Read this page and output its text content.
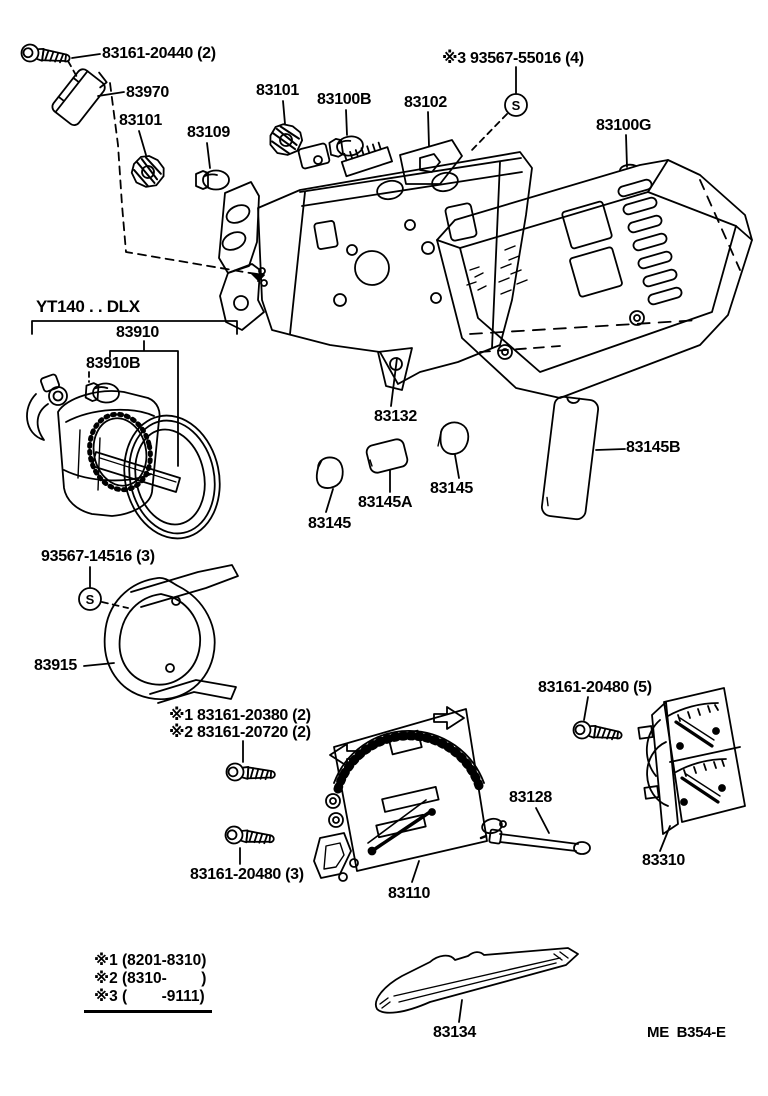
S
S
83161-20440 (2)
83970
83101
83109
83101
83100B 83102
※3 93567-55016 (4)
83100G
YT140 . . DLX
83910
83910B
83132
83145
83145A
83145
83145B
93567-14516 (3)
83915
※1 83161-20380 (2)
※2 83161-20720 (2)
83161-20480 (3)
83110
83161-20480 (5)
83128
83310
83134	ME  B354-E
※1 (8201-8310)
※2 (8310-        )
※3 (        -9111)
